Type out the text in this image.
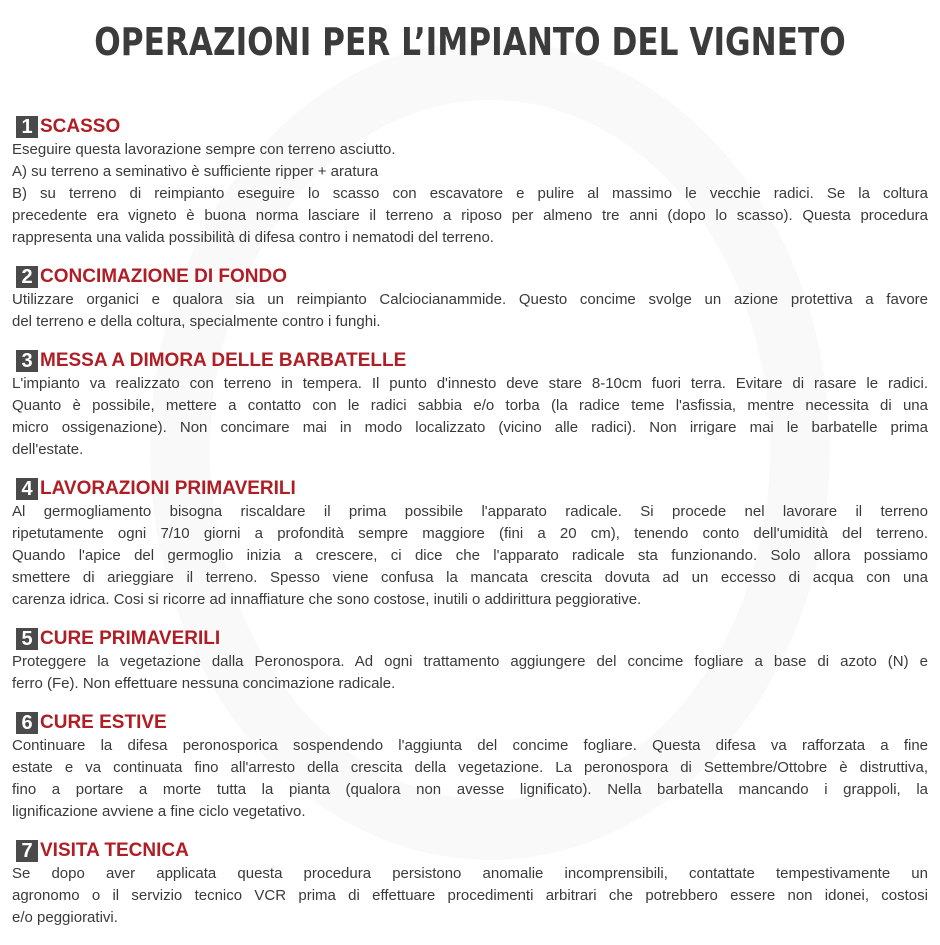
OPERAZIONI PER L’IMPIANTO DEL VIGNETO
1 SCASSO
Eseguire questa lavorazione sempre con terreno asciutto.
A) su terreno a seminativo è sufficiente ripper + aratura
B) su terreno di reimpianto eseguire lo scasso con escavatore e pulire al massimo le vecchie radici. Se la coltura
precedente era vigneto è buona norma lasciare il terreno a riposo per almeno tre anni (dopo lo scasso). Questa procedura
rappresenta una valida possibilità di difesa contro i nematodi del terreno.
2 CONCIMAZIONE DI FONDO
Utilizzare organici e qualora sia un reimpianto Calciocianammide. Questo concime svolge un azione protettiva a favore
del terreno e della coltura, specialmente contro i funghi.
3 MESSA A DIMORA DELLE BARBATELLE
L'impianto va realizzato con terreno in tempera. Il punto d'innesto deve stare 8-10cm fuori terra. Evitare di rasare le radici.
Quanto è possibile, mettere a contatto con le radici sabbia e/o torba (la radice teme l'asfissia, mentre necessita di una
micro ossigenazione). Non concimare mai in modo localizzato (vicino alle radici). Non irrigare mai le barbatelle prima
dell'estate.
4 LAVORAZIONI PRIMAVERILI
Al germogliamento bisogna riscaldare il prima possibile l'apparato radicale. Si procede nel lavorare il terreno
ripetutamente ogni 7/10 giorni a profondità sempre maggiore (fini a 20 cm), tenendo conto dell'umidità del terreno.
Quando l'apice del germoglio inizia a crescere, ci dice che l'apparato radicale sta funzionando. Solo allora possiamo
smettere di arieggiare il terreno. Spesso viene confusa la mancata crescita dovuta ad un eccesso di acqua con una
carenza idrica. Cosi si ricorre ad innaffiature che sono costose, inutili o addirittura peggiorative.
5 CURE PRIMAVERILI
Proteggere la vegetazione dalla Peronospora. Ad ogni trattamento aggiungere del concime fogliare a base di azoto (N) e
ferro (Fe). Non effettuare nessuna concimazione radicale.
6 CURE ESTIVE
Continuare la difesa peronosporica sospendendo l'aggiunta del concime fogliare. Questa difesa va rafforzata a fine
estate e va continuata fino all'arresto della crescita della vegetazione. La peronospora di Settembre/Ottobre è distruttiva,
fino a portare a morte tutta la pianta (qualora non avesse lignificato). Nella barbatella mancando i grappoli, la
lignificazione avviene a fine ciclo vegetativo.
7 VISITA TECNICA
Se dopo aver applicata questa procedura persistono anomalie incomprensibili, contattate tempestivamente un
agronomo o il servizio tecnico VCR prima di effettuare procedimenti arbitrari che potrebbero essere non idonei, costosi
e/o peggiorativi.
